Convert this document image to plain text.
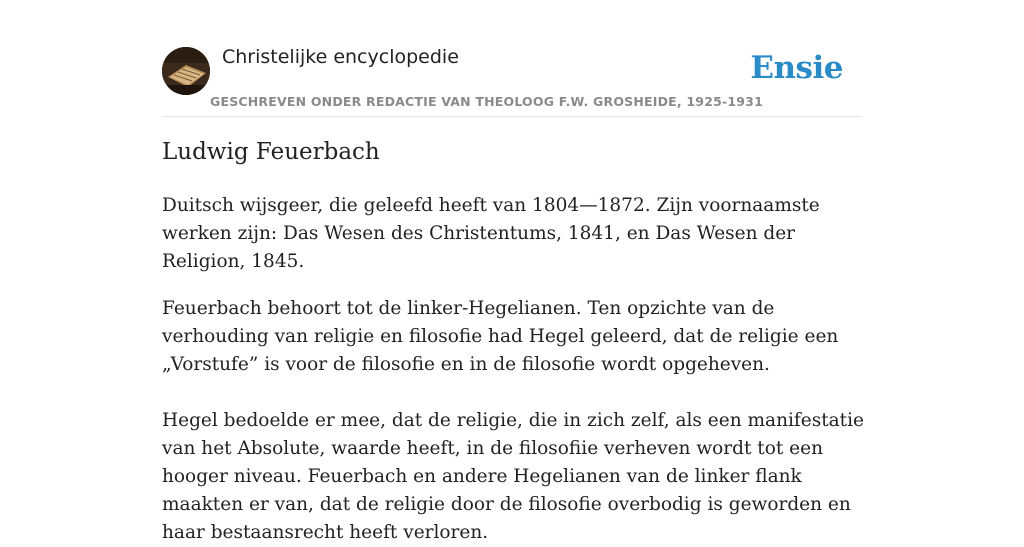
Christelijke encyclopedie
GESCHREVEN ONDER REDACTIE VAN THEOLOOG F.W. GROSHEIDE, 1925-1931
Ensie
Ludwig Feuerbach

Duitsch wijsgeer, die geleefd heeft van 1804—1872. Zijn voornaamste werken zijn: Das Wesen des Christentums, 1841, en Das Wesen der Religion, 1845.

Feuerbach behoort tot de linker-Hegelianen. Ten opzichte van de verhouding van religie en filosofie had Hegel geleerd, dat de religie een „Vorstufe” is voor de filosofie en in de filosofie wordt opgeheven.

Hegel bedoelde er mee, dat de religie, die in zich zelf, als een manifestatie van het Absolute, waarde heeft, in de filosofiie verheven wordt tot een hooger niveau. Feuerbach en andere Hegelianen van de linker flank maakten er van, dat de religie door de filosofie overbodig is geworden en haar bestaansrecht heeft verloren.
